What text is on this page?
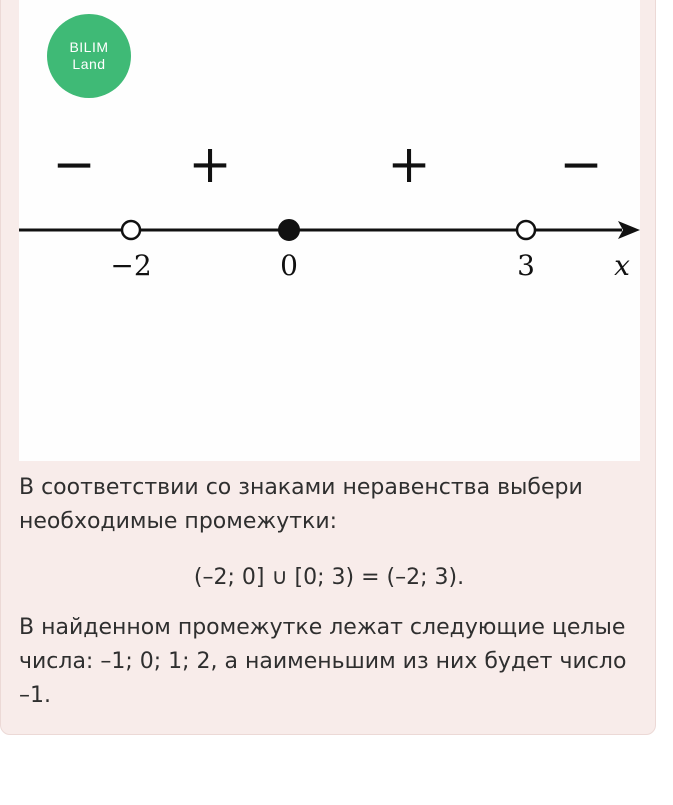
BILIM
Land
− +	+ −
−2	0	3	x
В соответствии со знаками неравенства выбери необходимые промежутки:
(–2; 0] ∪ [0; 3) = (–2; 3).
В найденном промежутке лежат следующие целые числа: –1; 0; 1; 2, а наименьшим из них будет число –1.
